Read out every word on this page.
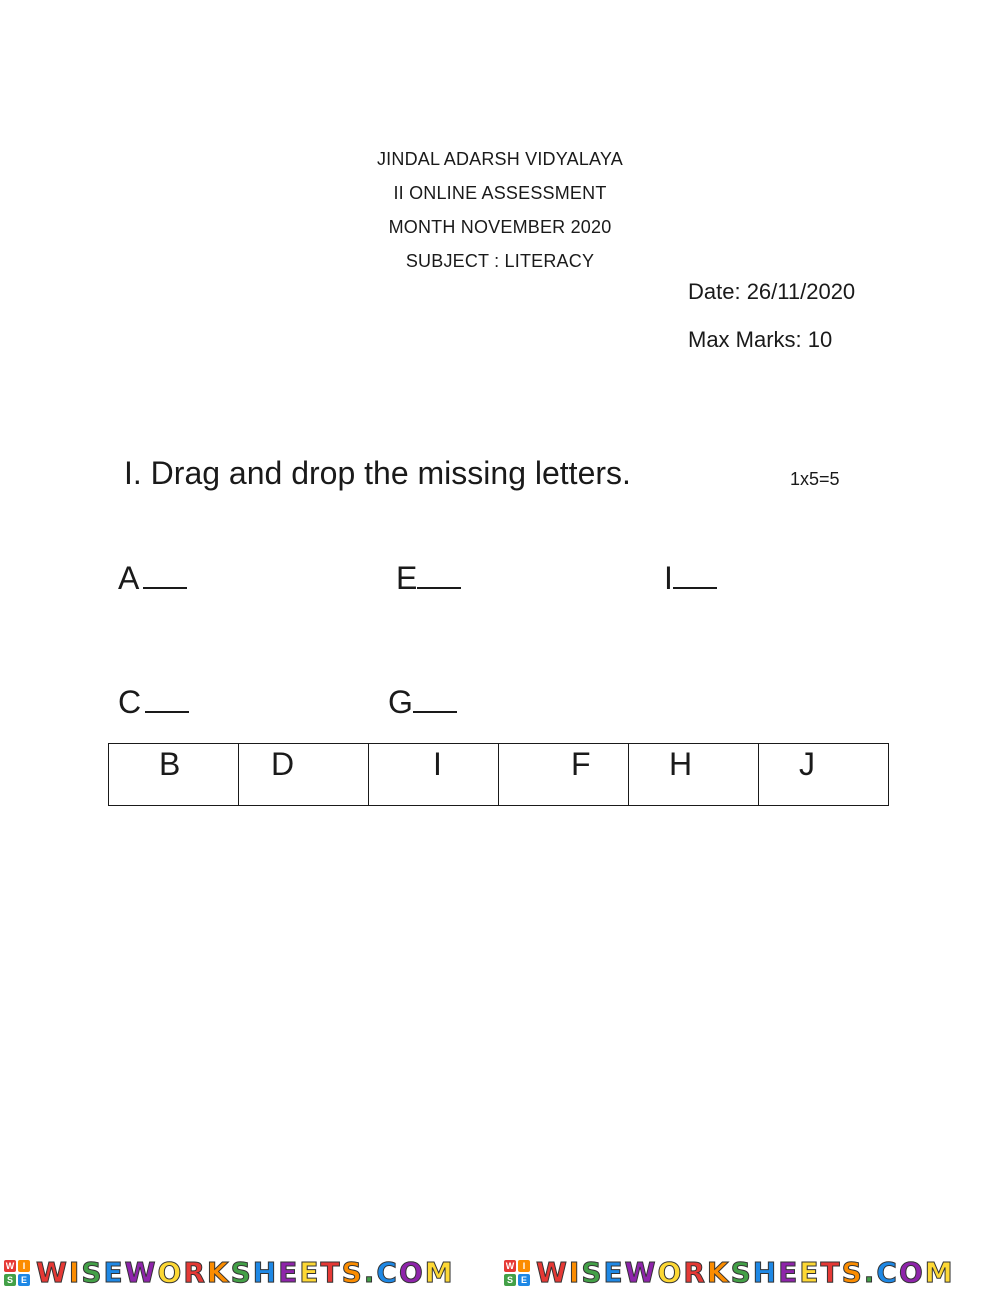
JINDAL ADARSH VIDYALAYA
II ONLINE ASSESSMENT
MONTH NOVEMBER 2020
SUBJECT : LITERACY
Date: 26/11/2020
Max Marks: 10
I. Drag and drop the missing letters.	1x5=5
A	E	I
C	G
B	D	I	F	H	J
W I
S E WISEWORKSHEETS.COM	W I
S E WISEWORKSHEETS.COM
